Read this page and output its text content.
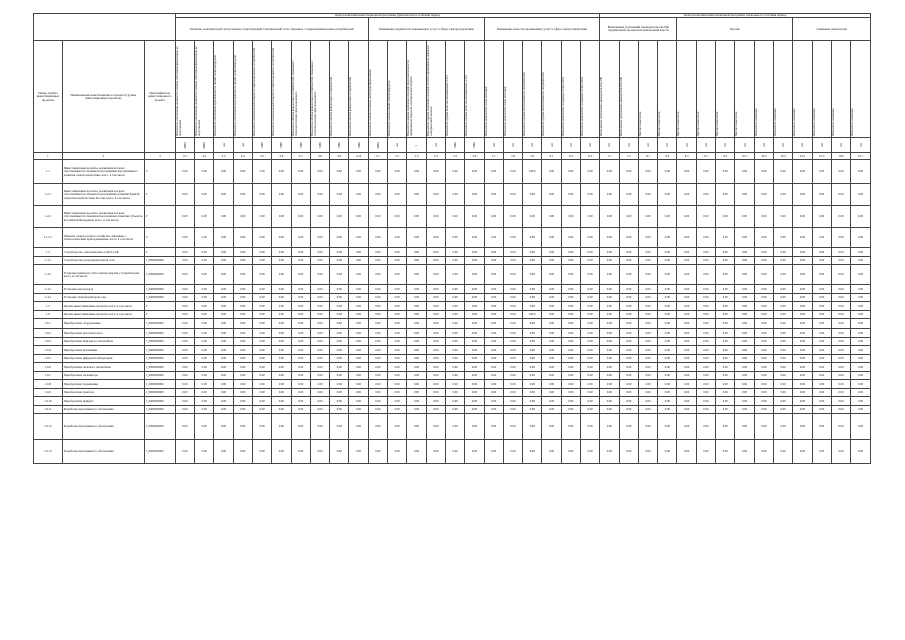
			Цели реализации инвестиционной программы (фактически) в отчётный период																						Цели реализации инвестиционной программы (плановые) в отчётный период													
			Развитие электрической сети/усиление существующей электрической сети, связанное с подключением новых потребителей										Повышение надёжности оказываемых услуг в сфере электроэнергетики						Повышение качества оказываемых услуг в сфере электроэнергетики						Выполнение требований законодательства РФ, предписаний органов исполнительной власти				Прочие						Снижение показателей			
Номер группы инвестиционных проектов	Наименование инвестиционного проекта (группы инвестиционных проектов)	Идентификатор инвестиционного проекта	Показатель увеличения мощности силовых (авто)трансформаторов на подстанциях	Показатель увеличения мощности силовых (авто)трансформаторов на подстанциях	Показатель увеличения протяжённости линий электропередачи	Показатель увеличения протяжённости линий электропередачи	Показатель максимальной мощности присоединяемых потребителей	Показатель максимальной мощности присоединяемых потребителей	Показатель объёма финансовых потребностей, связанных с технологическим присоединением	Показатель объёма финансовых потребностей, связанных с технологическим присоединением	Показатель объёма финансовых потребностей	Показатель объёма финансовых потребностей	Показатель замены силовых (авто)трансформаторов	Показатель замены линий электропередачи	Показатель оценки изменения средней продолжительности прекращения передачи электрической энергии	Показатель оценки изменения средней частоты прекращения передачи электрической энергии	Показатель уровня качества оказываемых услуг	Показатель уровня качества оказываемых услуг	Показатель количества точек поставки	Показатель количества точек поставки	Показатель уровня обеспеченности потребителей	Показатель уровня обеспеченности потребителей	Показатель количества созданных точек учёта	Показатель количества созданных точек учёта	Выполнение требований законодательства РФ	Выполнение требований законодательства РФ	Прочие показатели	Прочие показатели	Прочие показатели	Прочие показатели	Прочие показатели	Прочие показатели	Показатель снижения	Показатель снижения	Показатель снижения	Показатель снижения	Показатель снижения	Показатель снижения

			МВА	МВА	км	км	МВт	МВт	МВт	МВт	МВт	МВт	МВА	км	ч	шт	МВт	МВт	шт	шт	шт	шт	шт	шт	шт	шт	шт	шт	шт	шт	шт	шт	шт	шт	шт	шт	шт	шт
1	2	3	4.1	4.2	4.3	4.4	4.5	4.6	4.7	4.8	4.9	4.10	5.1	5.2	5.3	5.4	5.5	5.6	5.7	5.8	5.9	6.1	6.2	6.3	7.1	7.2	8.1	8.2	8.3	9.1	9.2	10.1	10.2	10.3	10.4	10.5	10.6	10.7
1.1	Инвестиционные проекты, реализация которых обуславливается схемами и программами перспективного развития электроэнергетики, всего, в том числе:	Г	0.00	0.00	0.00	0.00	2.56	0.00	0.00	0.00	0.00	0.00	0.00	0.00	0.00	0.00	0.00	0.00	0.00	0.00	100%	0.00	0.00	0.00	0.00	0.00	0.00	0.00	0.00	0.00	0.00	0.00	0.00	0.00	0.00	0.00	0.00	0.00
1.2.1	Инвестиционные проекты, реализация которых обуславливается схемами и программами развития Единой энергетической системы России, всего, в том числе:	Г	0.00	0.00	0.00	0.00	0.00	0.00	0.00	0.00	0.00	0.00	0.00	0.00	0.00	0.00	0.00	0.00	0.00	0.00	0.00	0.00	0.00	0.00	0.00	0.00	0.00	0.00	0.00	0.00	0.00	0.00	0.00	0.00	0.00	0.00	0.00	0.00
1.2.2	Инвестиционные проекты, реализация которых обуславливается схемами и программами развития субъектов Российской Федерации, всего, в том числе:	Г	0.00	0.00	0.00	0.00	0.00	0.00	0.00	0.00	0.00	0.00	0.00	0.00	0.00	0.00	0.00	0.00	0.00	0.00	0.00	0.00	0.00	0.00	0.00	0.00	0.00	0.00	0.00	0.00	0.00	0.00	0.00	0.00	0.00	0.00	0.00	0.00
1.1.2.1	Объекты электросетевого хозяйства, связанные с технологическим присоединением, всего, в том числе:	Г	0.00	0.00	0.00	0.00	0.00	0.00	0.00	0.00	0.00	0.00	0.00	0.00	0.00	0.00	0.00	0.00	0.00	0.00	0.00	0.00	0.00	0.00	0.00	0.00	0.00	0.00	0.00	0.00	0.00	0.00	0.00	0.00	0.00	0.00	0.00	0.00
1.4	Строительство электрических сетей 0,4 кВ	Г	0.00	0.00	0.00	0.00	0.00	0.00	0.00	0.00	0.00	0.00	0.00	0.00	0.00	0.00	0.00	0.00	0.00	0.00	0.00	0.00	0.00	0.00	0.00	0.00	0.00	0.00	0.00	0.00	0.00	0.00	0.00	0.00	0.00	0.00	0.00	0.00
1.4.1	Строительство распределительной сети	J_0000000000	0.00	0.00	0.00	0.00	0.00	0.00	0.00	0.00	0.00	0.00	0.00	0.00	0.00	0.00	0.00	0.00	0.00	0.00	0.00	0.00	0.00	0.00	0.00	0.00	0.00	0.00	0.00	0.00	0.00	0.00	0.00	0.00	0.00	0.00	0.00	0.00
1.4.2	Установка приборов учёта электроэнергии у потребителей, всего, в том числе:	J_0000000000	0.00	0.00	0.00	0.00	0.00	0.00	0.00	0.00	0.00	0.00	0.00	0.00	0.00	0.00	0.00	0.00	0.00	0.00	0.00	0.00	0.00	0.00	0.00	0.00	0.00	0.00	0.00	0.00	0.00	0.00	0.00	0.00	0.00	0.00	0.00	0.00
1.4.3	Установка реклоузеров	J_0000000000	0.00	0.00	0.00	0.00	0.00	0.00	0.00	0.00	0.00	0.00	0.00	0.00	0.00	0.00	0.00	0.00	0.00	0.00	0.00	0.00	0.00	0.00	0.00	0.00	0.00	0.00	0.00	0.00	0.00	0.00	0.00	0.00	0.00	0.00	0.00	0.00
1.4.4	Установка трансформаторов тока	J_0000000000	0.00	0.00	0.00	0.00	0.00	0.00	0.00	0.00	0.00	0.00	0.00	0.00	0.00	0.00	0.00	0.00	0.00	0.00	0.00	0.00	0.00	0.00	0.00	0.00	0.00	0.00	0.00	0.00	0.00	0.00	0.00	0.00	0.00	0.00	0.00	0.00
1.5	Прочие инвестиционные проекты, всего, в том числе:	Г	0.00	0.00	0.00	0.00	0.00	0.00	0.00	0.00	0.00	0.00	0.00	0.00	0.00	0.00	0.00	0.00	0.00	0.00	0.00	0.00	0.00	0.00	0.00	0.00	0.00	0.00	0.00	0.00	0.00	0.00	0.00	0.00	0.00	0.00	0.00	0.00
1.6	Прочие инвестиционные проекты, всего, в том числе:	Г	0.00	0.00	0.00	0.00	0.00	0.00	0.00	0.00	0.00	0.00	0.00	0.00	0.00	0.00	0.00	0.00	0.00	0.00	100%	0.00	0.00	0.00	0.00	0.00	0.00	0.00	0.00	0.00	0.00	0.00	0.00	0.00	0.00	0.00	0.00	0.00
1.6.1	Приобретение оборудования	J_0000000000	0.00	0.00	0.00	0.00	0.00	0.00	0.00	0.00	0.00	0.00	0.00	0.00	0.00	0.00	0.00	0.00	0.00	0.00	0.00	0.00	0.00	0.00	0.00	0.00	0.00	0.00	0.00	0.00	0.00	0.00	0.00	0.00	0.00	0.00	0.00	0.00
1.6.2	Приобретение автотранспорта	J_0000000000	0.00	0.00	0.00	0.00	0.00	0.00	0.00	0.00	0.00	0.00	0.00	0.00	0.00	0.00	0.00	0.00	0.00	0.00	0.00	0.00	0.00	0.00	0.00	0.00	0.00	0.00	0.00	0.00	0.00	0.00	0.00	0.00	0.00	0.00	0.00	0.00
1.6.3	Приобретение бригадного автомобиля	J_0000000000	0.00	0.00	0.00	0.00	0.00	0.00	0.00	0.00	0.00	0.00	0.00	0.00	0.00	0.00	0.00	0.00	0.00	0.00	0.00	0.00	0.00	0.00	0.00	0.00	0.00	0.00	0.00	0.00	0.00	0.00	0.00	0.00	0.00	0.00	0.00	0.00
1.6.4	Приобретение автовышки	J_0000000000	0.00	0.00	0.00	0.00	0.00	0.00	0.00	0.00	0.00	0.00	0.00	0.00	0.00	0.00	0.00	0.00	0.00	0.00	0.00	0.00	0.00	0.00	0.00	0.00	0.00	0.00	0.00	0.00	0.00	0.00	0.00	0.00	0.00	0.00	0.00	0.00
1.6.5	Приобретение цифровой лаборатории	J_0000000000	0.00	0.00	0.00	0.00	0.00	0.00	0.00	0.00	0.00	0.00	0.00	0.00	0.00	0.00	0.00	0.00	0.00	0.00	0.00	0.00	0.00	0.00	0.00	0.00	0.00	0.00	0.00	0.00	0.00	0.00	0.00	0.00	0.00	0.00	0.00	0.00
1.6.6	Приобретение легкового автомобиля	J_0000000000	0.00	0.00	0.00	0.00	0.00	0.00	0.00	0.00	0.00	0.00	0.00	0.00	0.00	0.00	0.00	0.00	0.00	0.00	0.00	0.00	0.00	0.00	0.00	0.00	0.00	0.00	0.00	0.00	0.00	0.00	0.00	0.00	0.00	0.00	0.00	0.00
1.6.7	Приобретение экскаватора	J_0000000000	0.00	0.00	0.00	0.00	0.00	0.00	0.00	0.00	0.00	0.00	0.00	0.00	0.00	0.00	0.00	0.00	0.00	0.00	0.00	0.00	0.00	0.00	0.00	0.00	0.00	0.00	0.00	0.00	0.00	0.00	0.00	0.00	0.00	0.00	0.00	0.00
1.6.8	Приобретение подъёмника	J_0000000000	0.00	0.00	0.00	0.00	0.00	0.00	0.00	0.00	0.00	0.00	0.00	0.00	0.00	0.00	0.00	0.00	0.00	0.00	0.00	0.00	0.00	0.00	0.00	0.00	0.00	0.00	0.00	0.00	0.00	0.00	0.00	0.00	0.00	0.00	0.00	0.00
1.6.9	Приобретение трактора	J_0000000000	0.00	0.00	0.00	0.00	0.00	0.00	0.00	0.00	0.00	0.00	0.00	0.00	0.00	0.00	0.00	0.00	0.00	0.00	0.00	0.00	0.00	0.00	0.00	0.00	0.00	0.00	0.00	0.00	0.00	0.00	0.00	0.00	0.00	0.00	0.00	0.00
1.6.10	Приобретение прицепа	J_0000000000	0.00	0.00	0.00	0.00	0.00	0.00	0.00	0.00	0.00	0.00	0.00	0.00	0.00	0.00	0.00	0.00	0.00	0.00	0.00	0.00	0.00	0.00	0.00	0.00	0.00	0.00	0.00	0.00	0.00	0.00	0.00	0.00	0.00	0.00	0.00	0.00
1.6.11	Разработка программного обеспечения	J_0000000000	0.00	0.00	0.00	0.00	0.00	0.00	0.00	0.00	0.00	0.00	0.00	0.00	0.00	0.00	0.00	0.00	0.00	0.00	0.00	0.00	0.00	0.00	0.00	0.00	0.00	0.00	0.00	0.00	0.00	0.00	0.00	0.00	0.00	0.00	0.00	0.00
1.6.12	Разработка программного обеспечения	J_0000000000	0.00	0.00	0.00	0.00	0.00	0.00	0.00	0.00	0.00	0.00	0.00	0.00	0.00	0.00	0.00	0.00	0.00	0.00	0.00	0.00	0.00	0.00	0.00	0.00	0.00	0.00	0.00	0.00	0.00	0.00	0.00	0.00	0.00	0.00	0.00	0.00
1.6.13	Разработка программного обеспечения	J_0000000000	0.00	0.00	0.00	0.00	0.00	0.00	0.00	0.00	0.00	0.00	0.00	0.00	0.00	0.00	0.00	0.00	0.00	0.00	0.00	0.00	0.00	0.00	0.00	0.00	0.00	0.00	0.00	0.00	0.00	0.00	0.00	0.00	0.00	0.00	0.00	0.00
